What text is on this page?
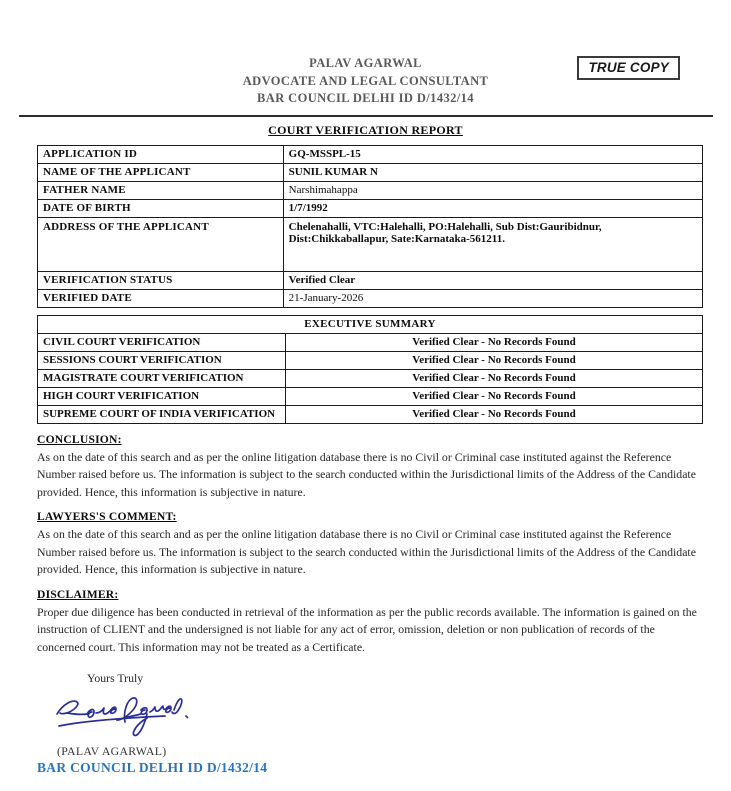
PALAV AGARWAL
ADVOCATE AND LEGAL CONSULTANT
BAR COUNCIL DELHI ID D/1432/14
TRUE COPY
COURT VERIFICATION REPORT
APPLICATION ID	GQ-MSSPL-15
NAME OF THE APPLICANT	SUNIL KUMAR N
FATHER NAME	Narshimahappa
DATE OF BIRTH	1/7/1992
ADDRESS OF THE APPLICANT	Chelenahalli, VTC:Halehalli, PO:Halehalli, Sub Dist:Gauribidnur, Dist:Chikkaballapur, Sate:Karnataka-561211.
VERIFICATION STATUS	Verified Clear
VERIFIED DATE	21-January-2026
EXECUTIVE SUMMARY	
CIVIL COURT VERIFICATION	Verified Clear - No Records Found
SESSIONS COURT VERIFICATION	Verified Clear - No Records Found
MAGISTRATE COURT VERIFICATION	Verified Clear - No Records Found
HIGH COURT VERIFICATION	Verified Clear - No Records Found
SUPREME COURT OF INDIA VERIFICATION	Verified Clear - No Records Found
CONCLUSION:
As on the date of this search and as per the online litigation database there is no Civil or Criminal case instituted against the Reference Number raised before us. The information is subject to the search conducted within the Jurisdictional limits of the Address of the Candidate provided. Hence, this information is subjective in nature.
LAWYERS'S COMMENT:
As on the date of this search and as per the online litigation database there is no Civil or Criminal case instituted against the Reference Number raised before us. The information is subject to the search conducted within the Jurisdictional limits of the Address of the Candidate provided. Hence, this information is subjective in nature.
DISCLAIMER:
Proper due diligence has been conducted in retrieval of the information as per the public records available. The information is gained on the instruction of CLIENT and the undersigned is not liable for any act of error, omission, deletion or non publication of records of the concerned court. This information may not be treated as a Certificate.
Yours Truly
(PALAV AGARWAL)
BAR COUNCIL DELHI ID D/1432/14
